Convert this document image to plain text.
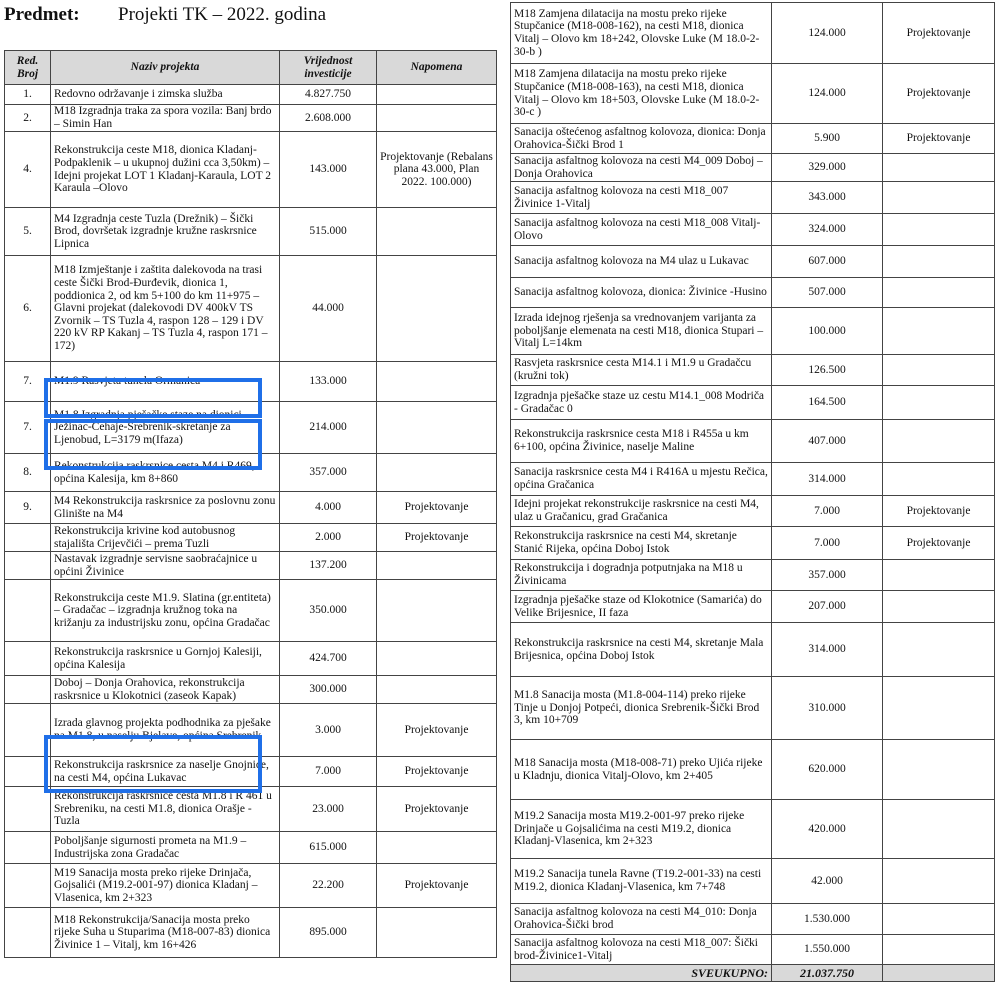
Predmet: Projekti TK – 2022. godina
Red. Broj	Naziv projekta	Vrijednost investicije	Napomena
1.	Redovno održavanje i zimska služba	4.827.750	
2.	M18 Izgradnja traka za spora vozila: Banj brdo – Simin Han	2.608.000	
4.	Rekonstrukcija ceste M18, dionica Kladanj-Podpaklenik – u ukupnoj dužini cca 3,50km) – Idejni projekat LOT 1 Kladanj-Karaula, LOT 2 Karaula –Olovo	143.000	Projektovanje (Rebalans plana 43.000, Plan 2022. 100.000)
5.	M4 Izgradnja ceste Tuzla (Drežnik) – Šički Brod, dovršetak izgradnje kružne raskrsnice Lipnica	515.000	
6.	M18 Izmještanje i zaštita dalekovoda na trasi ceste Šički Brod-Đurđevik, dionica 1, poddionica 2, od km 5+100 do km 11+975 – Glavni projekat (dalekovodi DV 400kV TS Zvornik – TS Tuzla 4, raspon 128 – 129 i DV 220 kV RP Kakanj – TS Tuzla 4, raspon 171 – 172)	44.000	
7.	M1.9 Rasvjeta tunela Ormanica	133.000	
7.	M1.8 Izgradnja pješačke staze na dionici Ježinac-Čehaje-Srebrenik-skretanje za Ljenobud, L=3179 m(Ifaza)	214.000	
8.	Rekonstrukcija raskrsnice cesta M4 i R469, općina Kalesija, km 8+860	357.000	
9.	M4 Rekonstrukcija raskrsnice za poslovnu zonu Glinište na M4	4.000	Projektovanje
	Rekonstrukcija krivine kod autobusnog stajališta Crijevčići – prema Tuzli	2.000	Projektovanje
	Nastavak izgradnje servisne saobraćajnice u općini Živinice	137.200	
	Rekonstrukcija ceste M1.9. Slatina (gr.entiteta) – Gradačac – izgradnja kružnog toka na križanju za industrijsku zonu, općina Gradačac	350.000	
	Rekonstrukcija raskrsnice u Gornjoj Kalesiji, općina Kalesija	424.700	
	Doboj – Donja Orahovica, rekonstrukcija raskrsnice u Klokotnici (zaseok Kapak)	300.000	
	Izrada glavnog projekta podhodnika za pješake na M1.8, u naselju Bjelave, općina Srebrenik	3.000	Projektovanje
	Rekonstrukcija raskrsnice za naselje Gnojnice, na cesti M4, općina Lukavac	7.000	Projektovanje
	Rekonstrukcija raskrsnice cesta M1.8 i R 461 u Srebreniku, na cesti M1.8, dionica Orašje - Tuzla	23.000	Projektovanje
	Poboljšanje sigurnosti prometa na M1.9 – Industrijska zona Gradačac	615.000	
	M19 Sanacija mosta preko rijeke Drinjača, Gojsalići (M19.2-001-97) dionica Kladanj – Vlasenica, km 2+323	22.200	Projektovanje
	M18 Rekonstrukcija/Sanacija mosta preko rijeke Suha u Stuparima (M18-007-83) dionica Živinice 1 – Vitalj, km 16+426	895.000	
M18 Zamjena dilatacija na mostu preko rijeke Stupčanice (M18-008-162), na cesti M18, dionica Vitalj – Olovo km 18+242, Olovske Luke (M 18.0-2-30-b )	124.000	Projektovanje
M18 Zamjena dilatacija na mostu preko rijeke Stupčanice (M18-008-163), na cesti M18, dionica Vitalj – Olovo km 18+503, Olovske Luke (M 18.0-2-30-c )	124.000	Projektovanje
Sanacija oštećenog asfaltnog kolovoza, dionica: Donja Orahovica-Šički Brod 1	5.900	Projektovanje
Sanacija asfaltnog kolovoza na cesti M4_009 Doboj – Donja Orahovica	329.000	
Sanacija asfaltnog kolovoza na cesti M18_007 Živinice 1-Vitalj	343.000	
Sanacija asfaltnog kolovoza na cesti M18_008 Vitalj-Olovo	324.000	
Sanacija asfaltnog kolovoza na M4 ulaz u Lukavac	607.000	
Sanacija asfaltnog kolovoza, dionica: Živinice -Husino	507.000	
Izrada idejnog rješenja sa vrednovanjem varijanta za poboljšanje elemenata na cesti M18, dionica Stupari – Vitalj L=14km	100.000	
Rasvjeta raskrsnice cesta M14.1 i M1.9 u Gradačcu (kružni tok)	126.500	
Izgradnja pješačke staze uz cestu M14.1_008 Modriča - Gradačac 0	164.500	
Rekonstrukcija raskrsnice cesta M18 i R455a u km 6+100, općina Živinice, naselje Maline	407.000	
Sanacija raskrsnice cesta M4 i R416A u mjestu Rečica, općina Gračanica	314.000	
Idejni projekat rekonstrukcije raskrsnice na cesti M4, ulaz u Gračanicu, grad Gračanica	7.000	Projektovanje
Rekonstrukcija raskrsnice na cesti M4, skretanje Stanić Rijeka, općina Doboj Istok	7.000	Projektovanje
Rekonstrukcija i dogradnja potputnjaka na M18 u Živinicama	357.000	
Izgradnja pješačke staze od Klokotnice (Samarića) do Velike Brijesnice, II faza	207.000	
Rekonstrukcija raskrsnice na cesti M4, skretanje Mala Brijesnica, općina Doboj Istok	314.000	
M1.8 Sanacija mosta (M1.8-004-114) preko rijeke Tinje u Donjoj Potpeći, dionica Srebrenik-Šički Brod 3, km 10+709	310.000	
M18 Sanacija mosta (M18-008-71) preko Ujića rijeke u Kladnju, dionica Vitalj-Olovo, km 2+405	620.000	
M19.2 Sanacija mosta M19.2-001-97 preko rijeke Drinjače u Gojsalićima na cesti M19.2, dionica Kladanj-Vlasenica, km 2+323	420.000	
M19.2 Sanacija tunela Ravne (T19.2-001-33) na cesti M19.2, dionica Kladanj-Vlasenica, km 7+748	42.000	
Sanacija asfaltnog kolovoza na cesti M4_010: Donja Orahovica-Šički brod	1.530.000	
Sanacija asfaltnog kolovoza na cesti M18_007: Šički brod-Živinice1-Vitalj	1.550.000	
SVEUKUPNO:	21.037.750	
